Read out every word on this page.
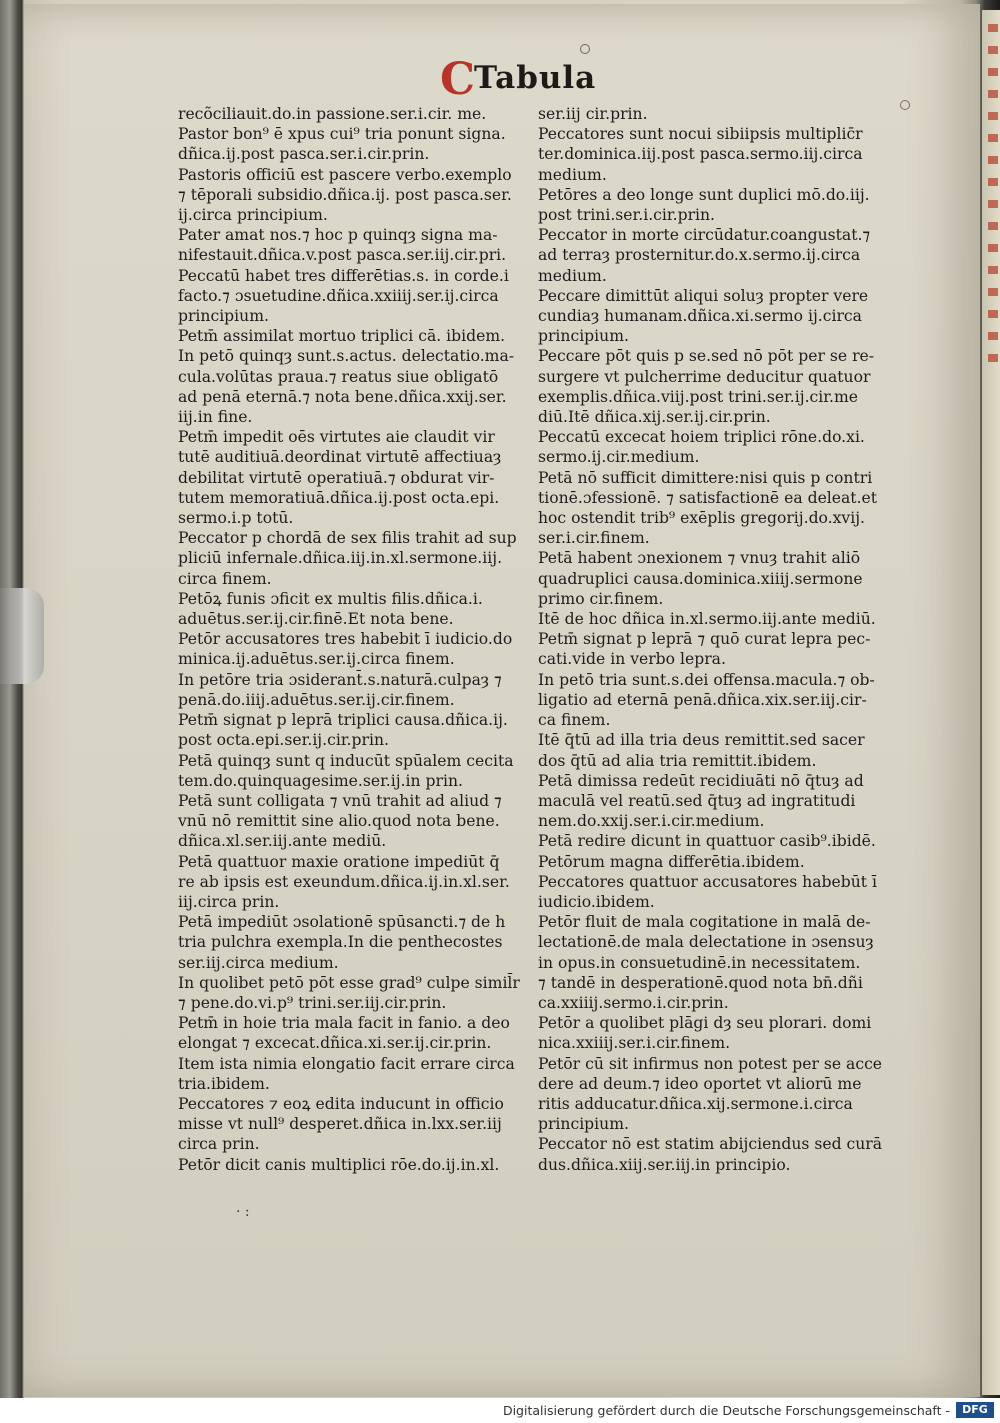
C
Tabula

recõciliauit.do.in passione.ser.i.cir. me.

Pastor bon⁹ ē xpus cui⁹ tria ponunt signa.

dñica.ij.post pasca.ser.i.cir.prin.

Pastoris officiū est pascere verbo.exemplo

⁊ tēporali subsidio.dñica.ij. post pasca.ser.

ij.circa principium.

Pater amat nos.⁊ hoc p quinqȝ signa ma-

nifestauit.dñica.v.post pasca.ser.iij.cir.pri.

Peccatū habet tres differētias.s. in corde.i

facto.⁊ ɔsuetudine.dñica.xxiiij.ser.ij.circa

principium.

Petm̄ assimilat mortuo triplici cā. ibidem.

In petō quinqȝ sunt.s.actus. delectatio.ma-

cula.volūtas praua.⁊ reatus siue obligatō

ad penā eternā.⁊ nota bene.dñica.xxij.ser.

iij.in fine.

Petm̄ impedit oēs virtutes aie claudit vir

tutē auditiuā.deordinat virtutē affectiuaȝ

debilitat virtutē operatiuā.⁊ obdurat vir-

tutem memoratiuā.dñica.ij.post octa.epi.

sermo.i.p totū.

Peccator p chordā de sex filis trahit ad sup

pliciū infernale.dñica.iij.in.xl.sermone.iij.

circa finem.

Petōꝝ funis ɔficit ex multis filis.dñica.i.

aduētus.ser.ij.cir.finē.Et nota bene.

Petōr accusatores tres habebit ī iudicio.do

minica.ij.aduētus.ser.ij.circa finem.

In petōre tria ɔsiderant̄.s.naturā.culpaȝ ⁊

penā.do.iiij.aduētus.ser.ij.cir.finem.

Petm̄ signat p leprā triplici causa.dñica.ij.

post octa.epi.ser.ij.cir.prin.

Petā quinqȝ sunt q inducūt spūalem cecita

tem.do.quinquagesime.ser.ij.in prin.

Petā sunt colligata ⁊ vnū trahit ad aliud ⁊

vnū nō remittit sine alio.quod nota bene.

dñica.xl.ser.iij.ante mediū.

Petā quattuor maxie oratione impediūt q̄

re ab ipsis est exeundum.dñica.ij.in.xl.ser.

iij.circa prin.

Petā impediūt ɔsolationē spūsancti.⁊ de h

tria pulchra exempla.In die penthecostes

ser.iij.circa medium.

In quolibet petō pōt esse grad⁹ culpe simil̄r

⁊ pene.do.vi.p⁹ trini.ser.iij.cir.prin.

Petm̄ in hoie tria mala facit in fanio. a deo

elongat ⁊ excecat.dñica.xi.ser.ij.cir.prin.

Item ista nimia elongatio facit errare circa

tria.ibidem.

Peccatores ⁊ eoꝝ edita inducunt in officio

misse vt null⁹ desperet.dñica in.lxx.ser.iij

circa prin.

Petōr dicit canis multiplici rōe.do.ij.in.xl.

ser.iij cir.prin.

Peccatores sunt nocui sibiipsis multiplic̄r

ter.dominica.iij.post pasca.sermo.iij.circa

medium.

Petōres a deo longe sunt duplici mō.do.iij.

post trini.ser.i.cir.prin.

Peccator in morte circūdatur.coangustat.⁊

ad terraȝ prosternitur.do.x.sermo.ij.circa

medium.

Peccare dimittūt aliqui soluȝ propter vere

cundiaȝ humanam.dñica.xi.sermo ij.circa

principium.

Peccare pōt quis p se.sed nō pōt per se re-

surgere vt pulcherrime deducitur quatuor

exemplis.dñica.viij.post trini.ser.ij.cir.me

diū.Itē dñica.xij.ser.ij.cir.prin.

Peccatū excecat hoiem triplici rōne.do.xi.

sermo.ij.cir.medium.

Petā nō sufficit dimittere:nisi quis p contri

tionē.ɔfessionē. ⁊ satisfactionē ea deleat.et

hoc ostendit trib⁹ exēplis gregorij.do.xvij.

ser.i.cir.finem.

Petā habent ɔnexionem ⁊ vnuȝ trahit aliō

quadruplici causa.dominica.xiiij.sermone

primo cir.finem.

Itē de hoc dñica in.xl.sermo.iij.ante mediū.

Petm̄ signat p leprā ⁊ quō curat lepra pec-

cati.vide in verbo lepra.

In petō tria sunt.s.dei offensa.macula.⁊ ob-

ligatio ad eternā penā.dñica.xix.ser.iij.cir-

ca finem.

Itē q̄tū ad illa tria deus remittit.sed sacer

dos q̄tū ad alia tria remittit.ibidem.

Petā dimissa redeūt recidiuāti nō q̄tuȝ ad

maculā vel reatū.sed q̄tuȝ ad ingratitudi

nem.do.xxij.ser.i.cir.medium.

Petā redire dicunt in quattuor casib⁹.ibidē.

Petōrum magna differētia.ibidem.

Peccatores quattuor accusatores habebūt ī

iudicio.ibidem.

Petōr fluit de mala cogitatione in malā de-

lectationē.de mala delectatione in ɔsensuȝ

in opus.in consuetudinē.in necessitatem.

⁊ tandē in desperationē.quod nota bn̄.dñi

ca.xxiiij.sermo.i.cir.prin.

Petōr a quolibet plāgi dȝ seu plorari. domi

nica.xxiiij.ser.i.cir.finem.

Petōr cū sit infirmus non potest per se acce

dere ad deum.⁊ ideo oportet vt aliorū me

ritis adducatur.dñica.xij.sermone.i.circa

principium.

Peccator nō est statim abijciendus sed curā

dus.dñica.xiij.ser.iij.in principio.

· :
Digitalisierung gefördert durch die Deutsche Forschungsgemeinschaft -	DFG
